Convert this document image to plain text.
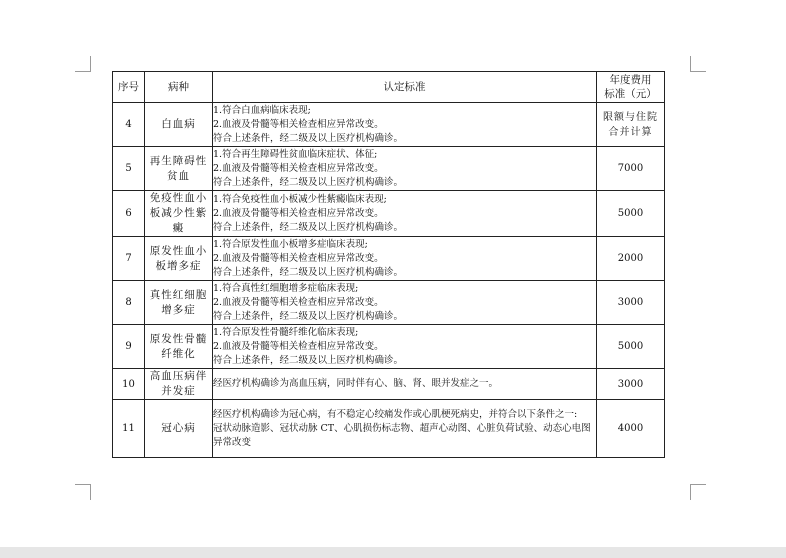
序号	病种	认定标准	年度费用
标准（元）
4	白血病	1.符合白血病临床表现;
2.血液及骨髓等相关检查相应异常改变。
符合上述条件，经二级及以上医疗机构确诊。	限额与住院合并计算
5	再生障碍性贫血	1.符合再生障碍性贫血临床症状、体征;
2.血液及骨髓等相关检查相应异常改变。
符合上述条件，经二级及以上医疗机构确诊。	7000
6	免疫性血小板减少性紫癜	1.符合免疫性血小板减少性紫癜临床表现;
2.血液及骨髓等相关检查相应异常改变。
符合上述条件，经二级及以上医疗机构确诊。	5000
7	原发性血小板增多症	1.符合原发性血小板增多症临床表现;
2.血液及骨髓等相关检查相应异常改变。
符合上述条件，经二级及以上医疗机构确诊。	2000
8	真性红细胞增多症	1.符合真性红细胞增多症临床表现;
2.血液及骨髓等相关检查相应异常改变。
符合上述条件，经二级及以上医疗机构确诊。	3000
9	原发性骨髓纤维化	1.符合原发性骨髓纤维化临床表现;
2.血液及骨髓等相关检查相应异常改变。
符合上述条件，经二级及以上医疗机构确诊。	5000
10	高血压病伴并发症	经医疗机构确诊为高血压病，同时伴有心、脑、肾、眼并发症之一。	3000
11	冠心病	经医疗机构确诊为冠心病，有不稳定心绞痛发作或心肌梗死病史，并符合以下条件之一:
冠状动脉造影、冠状动脉 CT、心肌损伤标志物、超声心动图、心脏负荷试验、动态心电图异常改变	4000
